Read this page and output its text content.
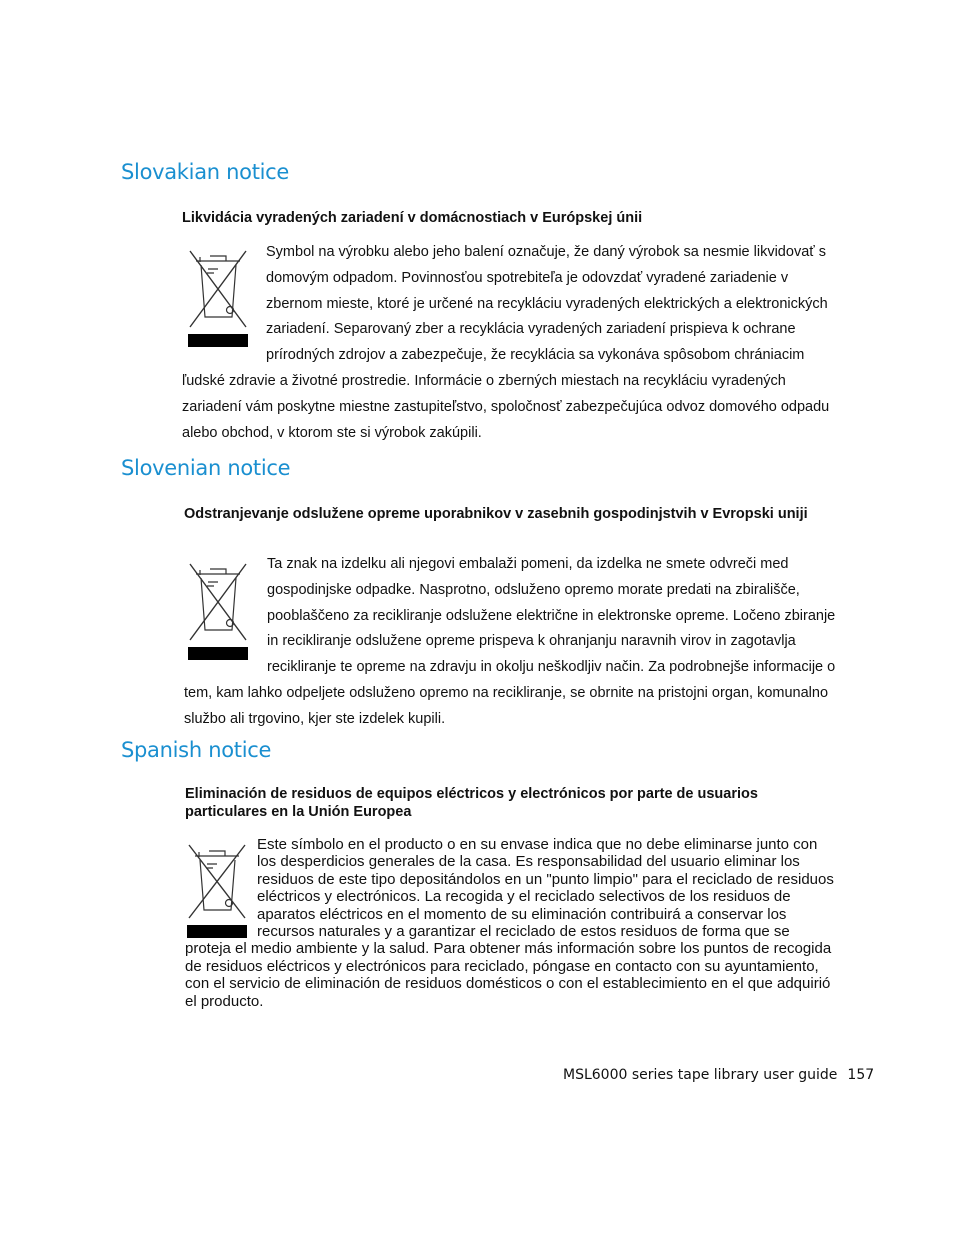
Slovakian notice
Likvidácia vyradených zariadení v domácnostiach v Európskej únii

Symbol na výrobku alebo jeho balení označuje, že daný výrobok sa nesmie likvidovať s domovým odpadom. Povinnosťou spotrebiteľa je odovzdať vyradené zariadenie v zbernom mieste, ktoré je určené na recykláciu vyradených elektrických a elektronických zariadení. Separovaný zber a recyklácia vyradených zariadení prispieva k ochrane prírodných zdrojov a zabezpečuje, že recyklácia sa vykonáva spôsobom chrániacim ľudské zdravie a životné prostredie. Informácie o zberných miestach na recykláciu vyradených zariadení vám poskytne miestne zastupiteľstvo, spoločnosť zabezpečujúca odvoz domového odpadu alebo obchod, v ktorom ste si výrobok zakúpili.

Slovenian notice
Odstranjevanje odslužene opreme uporabnikov v zasebnih gospodinjstvih v Evropski uniji

Ta znak na izdelku ali njegovi embalaži pomeni, da izdelka ne smete odvreči med gospodinjske odpadke. Nasprotno, odsluženo opremo morate predati na zbirališče, pooblaščeno za recikliranje odslužene električne in elektronske opreme. Ločeno zbiranje in recikliranje odslužene opreme prispeva k ohranjanju naravnih virov in zagotavlja recikliranje te opreme na zdravju in okolju neškodljiv način. Za podrobnejše informacije o tem, kam lahko odpeljete odsluženo opremo na recikliranje, se obrnite na pristojni organ, komunalno službo ali trgovino, kjer ste izdelek kupili.

Spanish notice
Eliminación de residuos de equipos eléctricos y electrónicos por parte de usuarios particulares en la Unión Europea

Este símbolo en el producto o en su envase indica que no debe eliminarse junto con los desperdicios generales de la casa. Es responsabilidad del usuario eliminar los residuos de este tipo depositándolos en un "punto limpio" para el reciclado de residuos eléctricos y electrónicos. La recogida y el reciclado selectivos de los residuos de aparatos eléctricos en el momento de su eliminación contribuirá a conservar los recursos naturales y a garantizar el reciclado de estos residuos de forma que se proteja el medio ambiente y la salud. Para obtener más información sobre los puntos de recogida de residuos eléctricos y electrónicos para reciclado, póngase en contacto con su ayuntamiento, con el servicio de eliminación de residuos domésticos o con el establecimiento en el que adquirió el producto.

MSL6000 series tape library user guide 157
